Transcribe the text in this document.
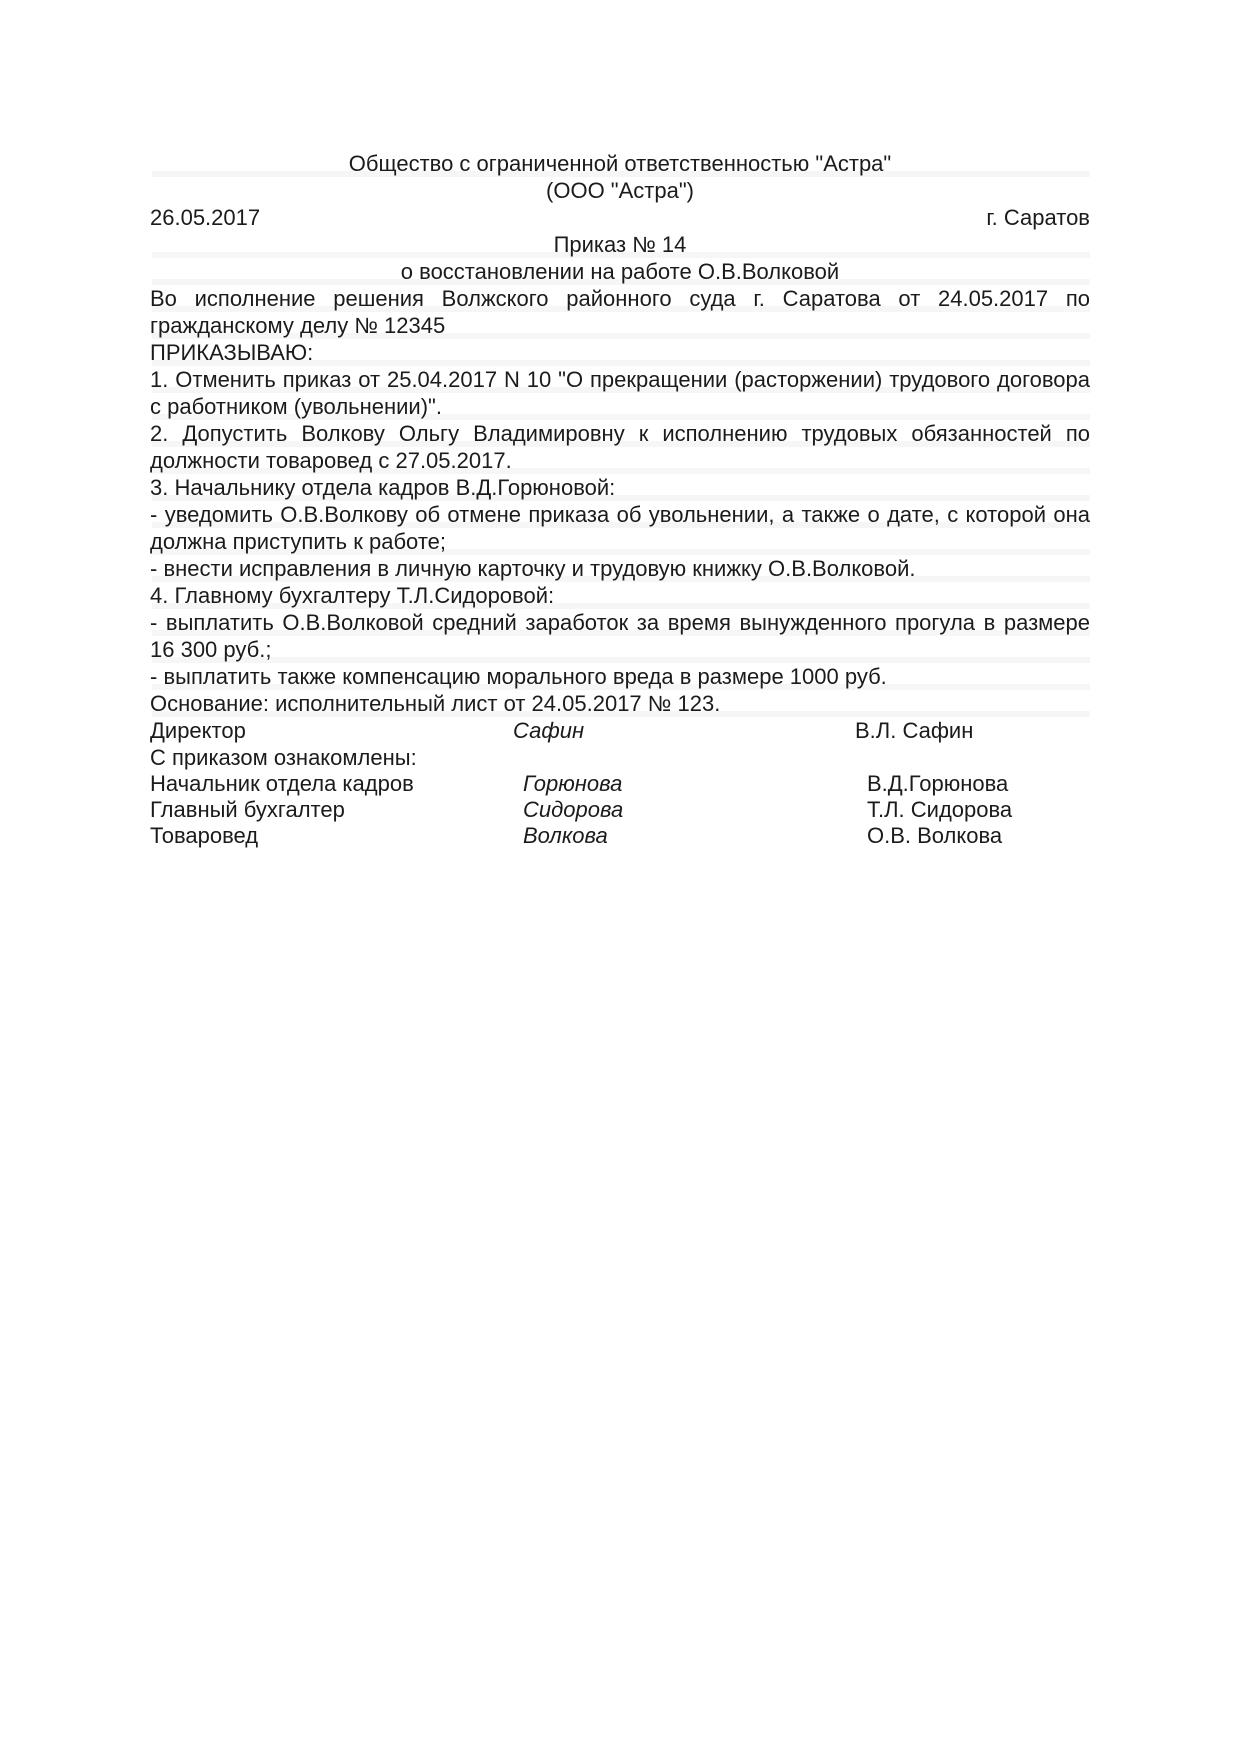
Общество с ограниченной ответственностью "Астра"

(ООО "Астра")

26.05.2017	г. Саратов

Приказ № 14

о восстановлении на работе О.В.Волковой

Во исполнение решения Волжского районного суда г. Саратова от 24.05.2017 по гражданскому делу № 12345

ПРИКАЗЫВАЮ:

1. Отменить приказ от 25.04.2017 N 10 "О прекращении (расторжении) трудового договора с работником (увольнении)".

2. Допустить Волкову Ольгу Владимировну к исполнению трудовых обязанностей по должности товаровед с 27.05.2017.

3. Начальнику отдела кадров В.Д.Горюновой:

- уведомить О.В.Волкову об отмене приказа об увольнении, а также о дате, с которой она должна приступить к работе;

- внести исправления в личную карточку и трудовую книжку О.В.Волковой.

4. Главному бухгалтеру Т.Л.Сидоровой:

- выплатить О.В.Волковой средний заработок за время вынужденного прогула в размере 16 300 руб.;

- выплатить также компенсацию морального вреда в размере 1000 руб.

Основание: исполнительный лист от 24.05.2017 № 123.

Директор	Сафин	В.Л. Сафин

С приказом ознакомлены:

Начальник отдела кадров	Горюнова	В.Д.Горюнова
Главный бухгалтер	Сидорова	Т.Л. Сидорова
Товаровед	Волкова	О.В. Волкова
